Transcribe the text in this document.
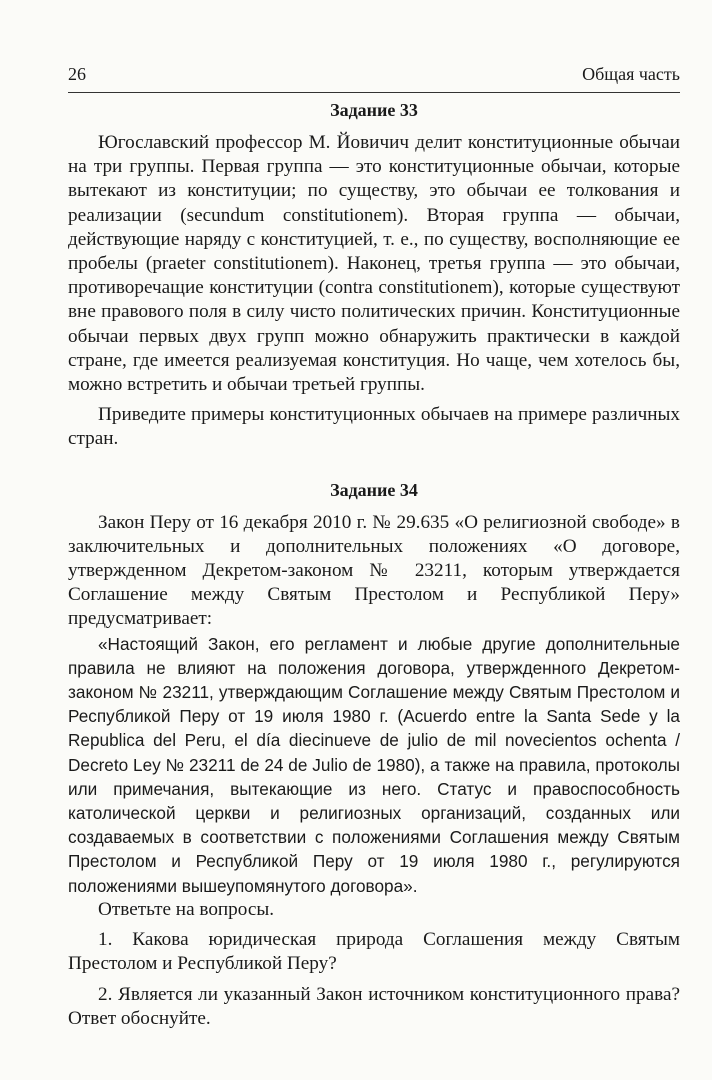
26	Общая часть
Задание 33

Югославский профессор М. Йовичич делит конституционные обычаи на три группы. Первая группа — это конституционные обычаи, которые вытекают из конституции; по существу, это обычаи ее толкования и реализации (secundum constitutionem). Вторая группа — обычаи, действующие наряду с конституцией, т. е., по существу, восполняющие ее пробелы (praeter constitutionem). Наконец, третья группа — это обычаи, противоречащие конституции (contra constitutionem), которые существуют вне правового поля в силу чисто политических причин. Конституционные обычаи первых двух групп можно обнаружить практически в каждой стране, где имеется реализуемая конституция. Но чаще, чем хотелось бы, можно встретить и обычаи третьей группы.

Приведите примеры конституционных обычаев на примере различных стран.

Задание 34

Закон Перу от 16 декабря 2010 г. № 29.635 «О религиозной свободе» в заключительных и дополнительных положениях «О договоре, утвержденном Декретом-законом № 23211, которым утверждается Соглашение между Святым Престолом и Республикой Перу» предусматривает:

«Настоящий Закон, его регламент и любые другие дополнительные правила не влияют на положения договора, утвержденного Декретом-законом № 23211, утверждающим Соглашение между Святым Престолом и Республикой Перу от 19 июля 1980 г. (Acuerdo entre la Santa Sede y la Republica del Peru, el día diecinueve de julio de mil novecientos ochenta / Decreto Ley № 23211 de 24 de Julio de 1980), а также на правила, протоколы или примечания, вытекающие из него. Статус и правоспособность католической церкви и религиозных организаций, созданных или создаваемых в соответствии с положениями Соглашения между Святым Престолом и Республикой Перу от 19 июля 1980 г., регулируются положениями вышеупомянутого договора».

Ответьте на вопросы.

1. Какова юридическая природа Соглашения между Святым Престолом и Республикой Перу?

2. Является ли указанный Закон источником конституционного права? Ответ обоснуйте.
